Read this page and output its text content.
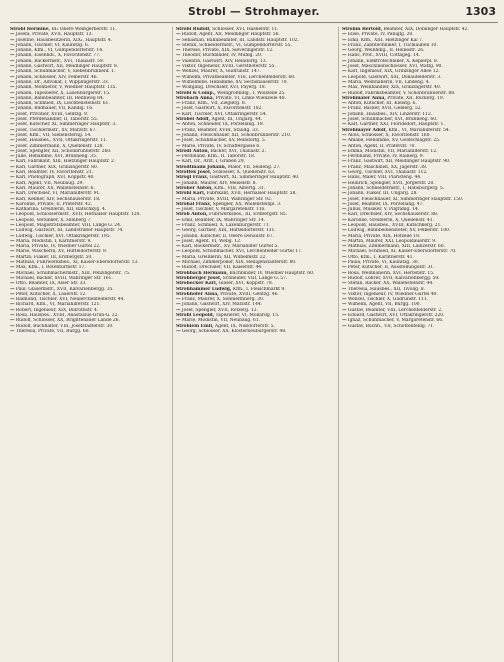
Strobl — Strohmayer.	1303
Strobl Hermine, III₂ Obere Weißgerberstr. 11.
— Josefa, Private, XVII, Hauptstr. 13.
— Josefine, Hausbesitzerin, XIX₁, Hauptstr. 4.
— Johann, Tischler, VI, Kaunitzg. 6.
— Johann, Kfm., VI, Gumpendorferstr. 14.
— Johann, Eisenhdl., X, Favoritenstr. 77.
— Johann, Bäckermstr., XVI, Thaliastr. 59.
— Johann, Gastwirt, XII, Meidlinger Hauptstr. 8.
— Johann, Schuhmacher, V, Siebenbrunnenf. 1.
— Johann, Schlosser, XIV, Felberstr. 46.
— Johann, Dr., Advokat, I, Wipplingerstr. 33.
— Johann, Montierer, V, Wiedner Hauptstr. 135.
— Johann, Tapezierer, X, Laxenburgerstr. 15.
— Johann, Bahnbeamter, III, Rennweg 84.
— Johann, Schmied, IX, Liechtensteinstr. 61.
— Johann, Bildhauer, VII, Kandlg. 16.
— Josef, Privatier, XVIII, Gentzg. 9.
— Josef, Pferdehändler, II, Taborstr. 55.
— Josef, Kutscher, XI, Simmeringer Hauptstr. 3.
— Josef, Tischlermstr., XV, Märzstr. 67.
— Josef, Kfm., VII, Siebensterng. 14.
— Josef, Hausbes., XVII, Ottakringerstr. 11.
— Josef, Zimmermann, X, Quellenstr. 128.
— Josef, Spengler, XII, Schönbrunnerstr. 260.
— Julie, Hebamme, XVI, Brunneng. 35.
— Karl, Fabrikant, XIII, Hietzinger Hauptstr. 2.
— Karl, Gärtner, XIX, Grinzingerstr. 80.
— Karl, Beamter, IV, Favoritenstr. 21.
— Karl, Photograph, XVI, Koppstr. 40.
— Karl, Agent, VII, Neubaug. 29.
— Karl, Maurer, XX, Wallensteinstr. 6.
— Karl, Drechsler, VI, Mariahilferstr. 91.
— Karl, Kellner, XIV, Sechshauserstr. 18.
— Karoline, Private, II, Praterstr. 42.
— Katharina, Greißlerin, XII, Ratschkyg. 4.
— Leopold, Schlossermstr., XVII, Hernalser Hauptstr. 120.
— Leopold, Verzinker, X, Himberg 7.
— Leopold, Magistratsbeamter, VIII, Lange G. 24.
— Ludwig, Gastwirt, III, Landstraßer Hauptstr. 74.
— Ludwig, Tischler, XVI, Ottakringerstr. 195.
— Maria, Modistin, I, Kärntnerstr. 9.
— Maria, Private, IV, Wiedner Gürtel 22.
— Marie, Wäscherin, XV, Hütteldorferstr. 9.
— Martin, Fiaker, III, Erdbergstr. 50.
— Mathias, Fuhrwerksbes., XI, Kaiser-Ebersdorferstr. 13.
— Max, Kfm., I, Rotenturmstr. 17.
— Michael, Schuhmachermstr., XIII, Penzingerstr. 75.
— Michael, Bäcker, XVIII, Währinger Str. 161.
— Otto, Beamter, IX, Alser Str. 33.
— Paul, Glasermstr., XVII, Kalvarienbergg. 35.
— Peter, Kutscher, X, Laaerstr. 12.
— Raimund, Tischler, XVI, Neulerchenfelderstr. 44.
— Richard, Kfm., VI, Mariahilferstr. 121.
— Robert, Ingenieur, XIX, Billrothstr. 4.
— Rosa, Hausbes., XVIII, Anastasius-Grün-G. 22.
— Rudolf, Schlosser, XX, Brigittenauer Lände 26.
— Rudolf, Buchhalter, VIII, Josefstädterstr. 30.
— Theresia, Private, VII, Burgg. 60.
Strobl Rudolf, Schlosser, XVI, Hasnerstr. 11.
— Rudolf, Agent, XII, Meidlinger Hauptstr. 56.
— Sebastian, Bahnbeamter, III, Landstr. Hauptstr. 102.
— Stefan, Schneidermstr., VI, Gumpendorferstr. 55.
— Therese, Private, XIX, Sieveringerstr. 12.
— Theodor, Buchbinder, IV, Mühlg. 20.
— Valentin, Gastwirt, XIV, Reindorfg. 13.
— Viktor, Ingenieur, XVIII, Gersthoferstr. 55.
— Wenzel, Maurer, X, Gudrunstr. 147.
— Wilhelm, Privatbeamter, VIII, Lerchenfelderstr. 60.
— Wilhelmine, Hebamme, XV, Sechshauserstr. 70.
— Wolfgang, Drechsler, XVI, Payerg. 18.
Strobl & Comp., Weingroßhdlg., I, Wollzeile 25.
Strobach Anna, Private, VI, Linke Wienzeile 48.
— Franz, Kfm., VII, Zieglerg. 8.
— Josef, Gastwirt, X, Favoritenstr. 182.
— Karl, Tischler, XVI, Ottakringerstr. 54.
Strobel Adolf, Agent, III, Ungarg. 44.
— Anton, Schneider, IX, Porzellang. 19.
— Franz, Beamter, XVIII, Staudg. 33.
— Johann, Fleischhauer, XII, Schönbrunnerstr. 210.
— Josef, Schuhmacher, XV, Reindorfg. 5.
— Marie, Private, IV, Schäffergasse 6.
Strodl Anton, Bäcker, XVI, Thaliastr. 2.
— Ferdinand, Kfm., II, Taborstr. 18.
— Karl, Dr., Arzt, I, Graben 29.
Strodtmann Johann, Maler, VII, Seideng. 27.
Stroffek Josef, Schlosser, X, Quellenstr. 63.
Strögl Franz, Gastwirt, XI, Simmeringer Hauptstr. 40.
— Johann, Maurer, XIV, Meiselstr. 8.
Ströher Anton, Kfm., VIII, Albertg. 31.
Ströhl Karl, Fabrikant, XVII, Hernalser Hauptstr. 58.
— Maria, Private, XVIII, Währinger Str. 92.
Strohal Franz, Spengler, XX, Wallensteinpl. 3.
— Josef, Tischler, V, Margaretenstr. 116.
Stroh Anton, Fuhrwerksbes., III, Erdbergstr. 85.
— Emil, Beamter, IX, Währinger Str. 14.
— Franz, Schmied, X, Laxenburgerstr. 71.
— Georg, Gärtner, XIII, Hütteldorferstr. 131.
— Johann, Kutscher, II, Obere Donaustr. 67.
— Josef, Agent, VI, Webg. 12.
— Karl, Bäckermstr., XV, Mariahilfer Gürtel 5.
— Leopold, Schuhmacher, XVI, Lerchenfelder Gürtel 17.
— Maria, Greißlerin, XII, Wilhelmstr. 22.
— Michael, Zimmerpolier, XIX, Heiligenstädterstr. 80.
— Rudolf, Drechsler, VII, Kaiserstr. 44.
Strohbach Hermann, Buchbinder, IV, Wiedner Hauptstr. 60.
Strohberger Josef, Schneider, VIII, Lange G. 57.
Strohecker Karl, Glaser, XVI, Koppstr. 78.
Strohhammer Ludwig, Kfm., I, Fleischmarkt 9.
Strohhofer Anna, Private, XVIII, Gentzg. 46.
— Franz, Maurer, X, Sonnleithnerg. 30.
— Johann, Gastwirt, XIV, Märzstr. 144.
— Josef, Spengler, XVII, Rötzerg. 12.
Strohl Leopold, Tapezierer, VI, Mollardg. 15.
— Marie, Modistin, VII, Neubaug. 61.
Strohlein Emil, Agent, IX, Nußdorferstr. 5.
— Georg, Schlosser, XX, Klosterneuburgerstr. 48.
Strohm Bertold, Beamter, XIX, Döblinger Hauptstr. 42.
— Elise, Private, IV, Paniglg. 20.
— Emil, Kfm., XIII, Hietzinger Kai 7.
— Franz, Zahntechniker, I, Tuchlauben 10.
— Georg, Weinhdlg., II, Heinestr. 26.
— Hans, Prof., XVIII, Cottageg. 14.
— Johann, Elektrotechniker, X, Keplerpl. 8.
— Josef, Maschinenschlosser, XVI, Wattg. 90.
— Karl, Ingenieur, XIX, Grinzinger Allee 12.
— Leopold, Gastwirt, XXI, Donaufelderstr. 3.
— Maria, Weißnäherin, VII, Lindeng. 4.
— Max, Weinhändler, XIX, Grinzingerstr. 40.
— Rudolf, Fabriksbeamter, V, Schönbrunnerstr. 88.
Strohmaier Anna, Private, XII, Ruckerg. 19.
— Anton, Kutscher, III, Kleistg. 6.
— Franz, Bäcker, XVII, Geblerg. 52.
— Johann, Hausbes., XIV, Linzerstr. 112.
— Josef, Schuhmacher, XVI, Brunneng. 60.
— Karl, Gärtner, XXI, Floridsdorf, Hauptstr. 1.
Strohmayer Adolf, Kfm., VI, Mariahilferstr. 54.
— Alois, Schlosser, X, Favoritenstr. 160.
— Amalie, Hebamme, XV, Goldschlagstr. 25.
— Anton, Agent, II, Praterstr. 70.
— Emma, Modistin, VII, Mariahilferstr. 12.
— Ferdinand, Private, IV, Rainerg. 9.
— Franz, Gastwirt, XII, Meidlinger Hauptstr. 90.
— Franz, Maschinist, XX, Jägerstr. 38.
— Georg, Tischler, XVI, Thaliastr. 112.
— Hans, Maler, VIII, Piaristeng. 44.
— Heinrich, Spengler, XVII, Jörgerstr. 20.
— Johann, Schneidermstr., I, Habsburgerg. 5.
— Johann, Fiaker, III, Ungarg. 28.
— Josef, Fleischhauer, XI, Simmeringer Hauptstr. 150.
— Josef, Beamter, IX, Porzellang. 47.
— Julius, Musiker, V, Pilgramg. 14.
— Karl, Drechsler, XIV, Sechshauserstr. 88.
— Karoline, Greißlerin, X, Quellenstr. 41.
— Leopold, Hausbes., XVIII, Kutschkerg. 21.
— Ludwig, Bahnbediensteter, XV, Felberstr. 100.
— Maria, Private, XIX, Hofzeile 18.
— Martin, Maurer, XXI, Leopoldauerstr. 9.
— Mathias, Zimmermann, XIII, Lainzerstr. 60.
— Michael, Schmied, XI, Kaiser-Ebersdorferstr. 70.
— Otto, Kfm., I, Kärntnerstr. 41.
— Paula, Private, VI, Kaunitzg. 30.
— Peter, Kutscher, II, Ausstellungsstr. 31.
— Rosa, Weißnäherin, XVI, Herbststr. 15.
— Rudolf, Lehrer, XVII, Kalvarienbergg. 50.
— Stefan, Bäcker, XX, Wallensteinstr. 44.
— Theresia, Hausbes., XII, Tivolig. 8.
— Viktor, Ingenieur, IV, Wiedner Gürtel 40.
— Wenzel, Tischler, X, Gudrunstr. 111.
— Wilhelm, Agent, VII, Burgg. 100.
— Gustav, Beamter, VIII, Lerchenfelderstr. 2.
— Eduard, Gastwirt, XVI, Ottakringerstr. 220.
— Ignaz, Schuhmacher, V, Margaretenstr. 66.
— Gustav, Buchh., VII, Schottenfeldg. 71.
